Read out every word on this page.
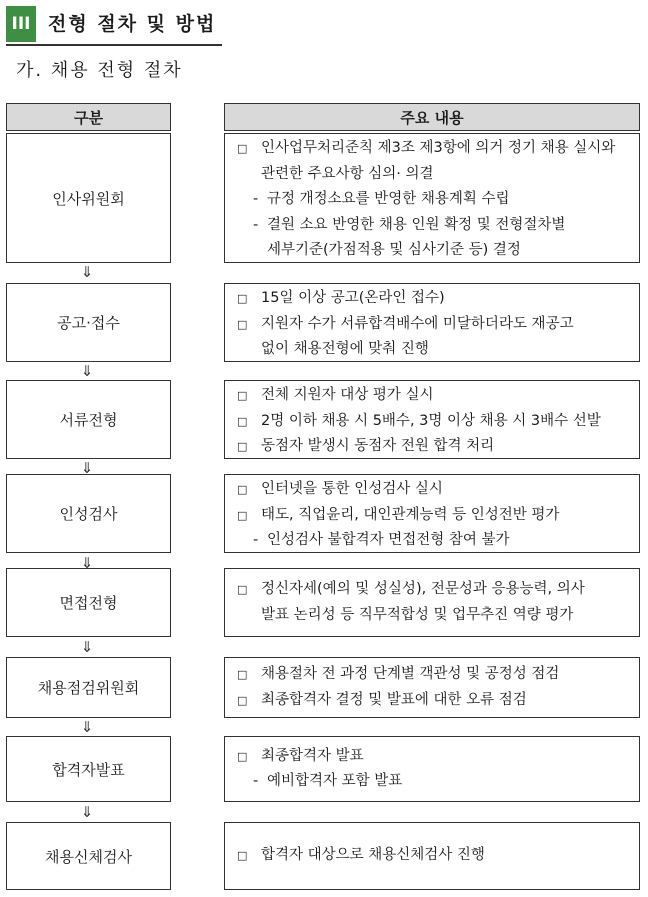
III 전형 절차 및 방법
가. 채용 전형 절차
구분	주요 내용
인사위원회
□ 인사업무처리준칙 제3조 제3항에 의거 정기 채용 실시와
관련한 주요사항 심의· 의결
- 규정 개정소요를 반영한 채용계획 수립
- 결원 소요 반영한 채용 인원 확정 및 전형절차별
세부기준(가점적용 및 심사기준 등) 결정
공고·접수
□ 15일 이상 공고(온라인 접수)
□ 지원자 수가 서류합격배수에 미달하더라도 재공고
없이 채용전형에 맞춰 진행
서류전형
□ 전체 지원자 대상 평가 실시
□ 2명 이하 채용 시 5배수, 3명 이상 채용 시 3배수 선발
□ 동점자 발생시 동점자 전원 합격 처리
인성검사
□ 인터넷을 통한 인성검사 실시
□ 태도, 직업윤리, 대인관계능력 등 인성전반 평가
- 인성검사 불합격자 면접전형 참여 불가
면접전형
□ 정신자세(예의 및 성실성), 전문성과 응용능력, 의사
발표 논리성 등 직무적합성 및 업무추진 역량 평가
채용점검위원회
□ 채용절차 전 과정 단계별 객관성 및 공정성 점검
□ 최종합격자 결정 및 발표에 대한 오류 점검
합격자발표
□ 최종합격자 발표
- 예비합격자 포함 발표
채용신체검사	□ 합격자 대상으로 채용신체검사 진행
⇓
⇓
⇓
⇓
⇓
⇓
⇓
